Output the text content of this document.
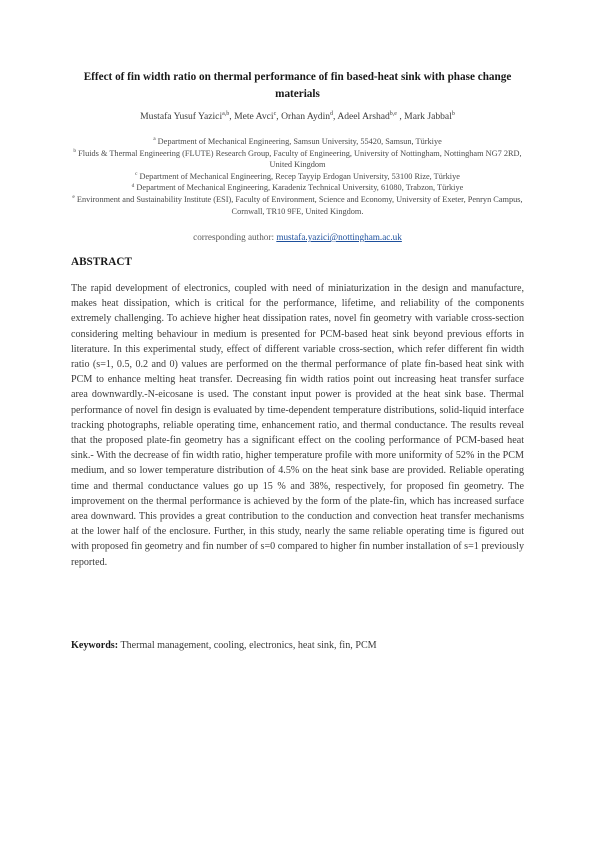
Effect of fin width ratio on thermal performance of fin based-heat sink with phase change materials
Mustafa Yusuf Yazici$^{a,b}$, Mete Avci$^c$, Orhan Aydin$^d$, Adeel Arshad$^{b,e}$ , Mark Jabbal$^b$
$^a$ Department of Mechanical Engineering, Samsun University, 55420, Samsun, Türkiye
$^b$ Fluids & Thermal Engineering (FLUTE) Research Group, Faculty of Engineering, University of Nottingham, Nottingham NG7 2RD, United Kingdom
$^c$ Department of Mechanical Engineering, Recep Tayyip Erdogan University, 53100 Rize, Türkiye
$^d$ Department of Mechanical Engineering, Karadeniz Technical University, 61080, Trabzon, Türkiye
$^e$ Environment and Sustainability Institute (ESI), Faculty of Environment, Science and Economy, University of Exeter, Penryn Campus, Cornwall, TR10 9FE, United Kingdom.
corresponding author: mustafa.yazici@nottingham.ac.uk
ABSTRACT
The rapid development of electronics, coupled with need of miniaturization in the design and manufacture, makes heat dissipation, which is critical for the performance, lifetime, and reliability of the components extremely challenging. To achieve higher heat dissipation rates, novel fin geometry with variable cross-section considering melting behaviour in medium is presented for PCM-based heat sink beyond previous efforts in literature. In this experimental study, effect of different variable cross-section, which refer different fin width ratio (s=1, 0.5, 0.2 and 0) values are performed on the thermal performance of plate fin-based heat sink with PCM to enhance melting heat transfer. Decreasing fin width ratios point out increasing heat transfer surface area downwardly.-N-eicosane is used. The constant input power is provided at the heat sink base. Thermal performance of novel fin design is evaluated by time-dependent temperature distributions, solid-liquid interface tracking photographs, reliable operating time, enhancement ratio, and thermal conductance. The results reveal that the proposed plate-fin geometry has a significant effect on the cooling performance of PCM-based heat sink.- With the decrease of fin width ratio, higher temperature profile with more uniformity of 52% in the PCM medium, and so lower temperature distribution of 4.5% on the heat sink base are provided. Reliable operating time and thermal conductance values go up 15 % and 38%, respectively, for proposed fin geometry. The improvement on the thermal performance is achieved by the form of the plate-fin, which has increased surface area downward. This provides a great contribution to the conduction and convection heat transfer mechanisms at the lower half of the enclosure. Further, in this study, nearly the same reliable operating time is figured out with proposed fin geometry and fin number of s=0 compared to higher fin number installation of s=1 previously reported.
Keywords: Thermal management, cooling, electronics, heat sink, fin, PCM
